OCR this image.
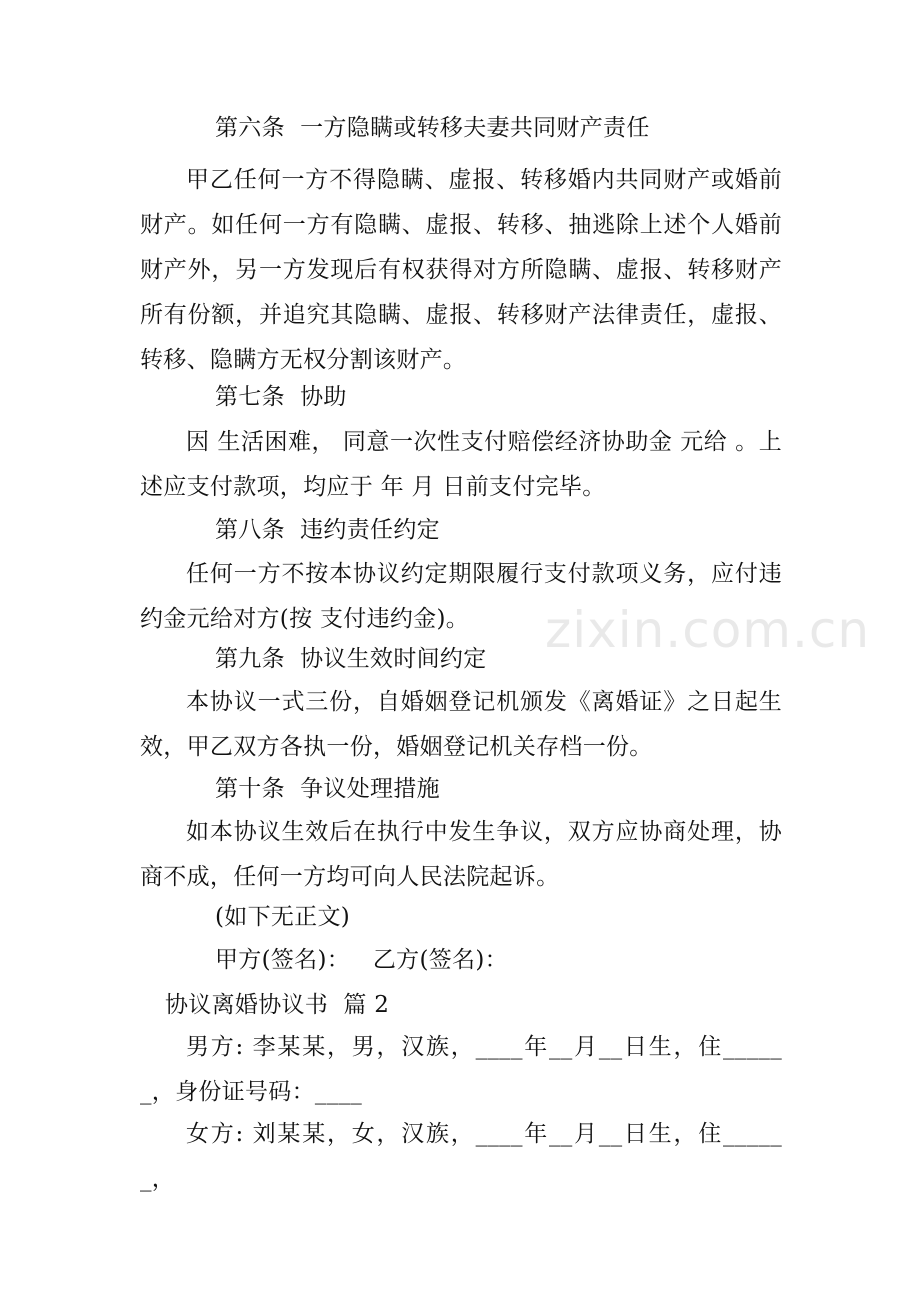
第六条  一方隐瞒或转移夫妻共同财产责任

甲乙任何一方不得隐瞒、虚报、转移婚内共同财产或婚前财产。如任何一方有隐瞒、虚报、转移、抽逃除上述个人婚前财产外，另一方发现后有权获得对方所隐瞒、虚报、转移财产所有份额，并追究其隐瞒、虚报、转移财产法律责任，虚报、转移、隐瞒方无权分割该财产。

第七条  协助

因 生活困难， 同意一次性支付赔偿经济协助金 元给 。上述应支付款项，均应于 年 月 日前支付完毕。

第八条  违约责任约定

任何一方不按本协议约定期限履行支付款项义务，应付违约金元给对方(按 支付违约金)。

第九条  协议生效时间约定

本协议一式三份，自婚姻登记机颁发《离婚证》之日起生效，甲乙双方各执一份，婚姻登记机关存档一份。

第十条  争议处理措施

如本协议生效后在执行中发生争议，双方应协商处理，协商不成，任何一方均可向人民法院起诉。

(如下无正文)

甲方(签名)：   乙方(签名)：

协议离婚协议书  篇 2

男方: 李某某，男，汉族，____年__月__日生，住______，身份证号码：____

女方: 刘某某，女，汉族，____年__月__日生，住______，

zixin.com.cn
